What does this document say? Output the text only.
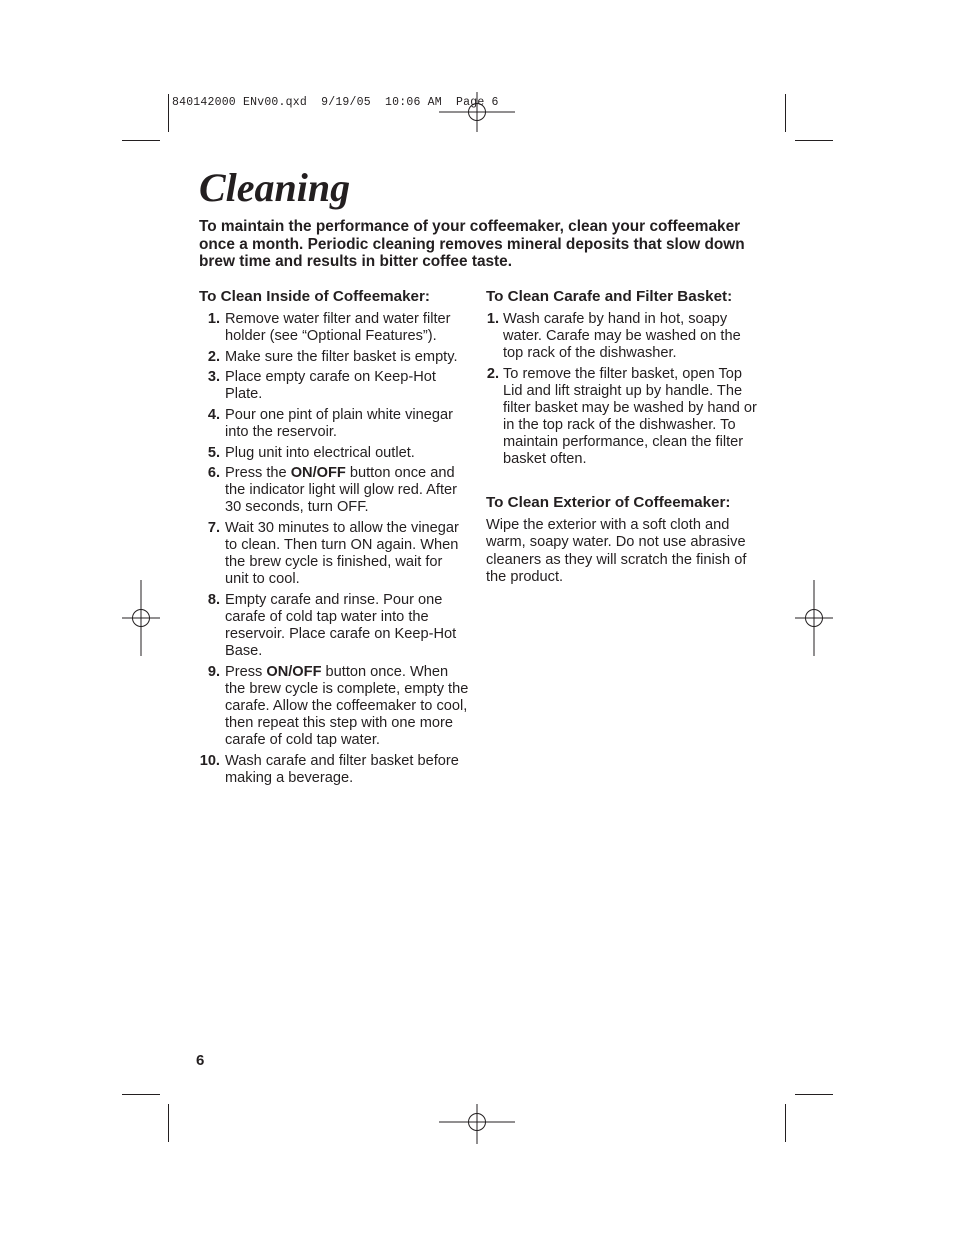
840142000 ENv00.qxd  9/19/05  10:06 AM  Page 6
Cleaning

To maintain the performance of your coffeemaker, clean your coffeemaker once a month. Periodic cleaning removes mineral deposits that slow down brew time and results in bitter coffee taste.

To Clean Inside of Coffeemaker:
1. Remove water filter and water filter holder (see “Optional Features”).
2. Make sure the filter basket is empty.
3. Place empty carafe on Keep-Hot Plate.
4. Pour one pint of plain white vinegar into the reservoir.
5. Plug unit into electrical outlet.
6. Press the ON/OFF button once and the indicator light will glow red. After 30 seconds, turn OFF.
7. Wait 30 minutes to allow the vinegar to clean. Then turn ON again. When the brew cycle is finished, wait for unit to cool.
8. Empty carafe and rinse. Pour one carafe of cold tap water into the reservoir. Place carafe on Keep-Hot Base.
9. Press ON/OFF button once. When the brew cycle is complete, empty the carafe. Allow the coffeemaker to cool, then repeat this step with one more carafe of cold tap water.
10. Wash carafe and filter basket before making a beverage.
To Clean Carafe and Filter Basket:
1. Wash carafe by hand in hot, soapy water. Carafe may be washed on the top rack of the dishwasher.
2. To remove the filter basket, open Top Lid and lift straight up by handle. The filter basket may be washed by hand or in the top rack of the dishwasher. To maintain performance, clean the filter basket often.
To Clean Exterior of Coffeemaker:

Wipe the exterior with a soft cloth and warm, soapy water. Do not use abrasive cleaners as they will scratch the finish of the product.

6
